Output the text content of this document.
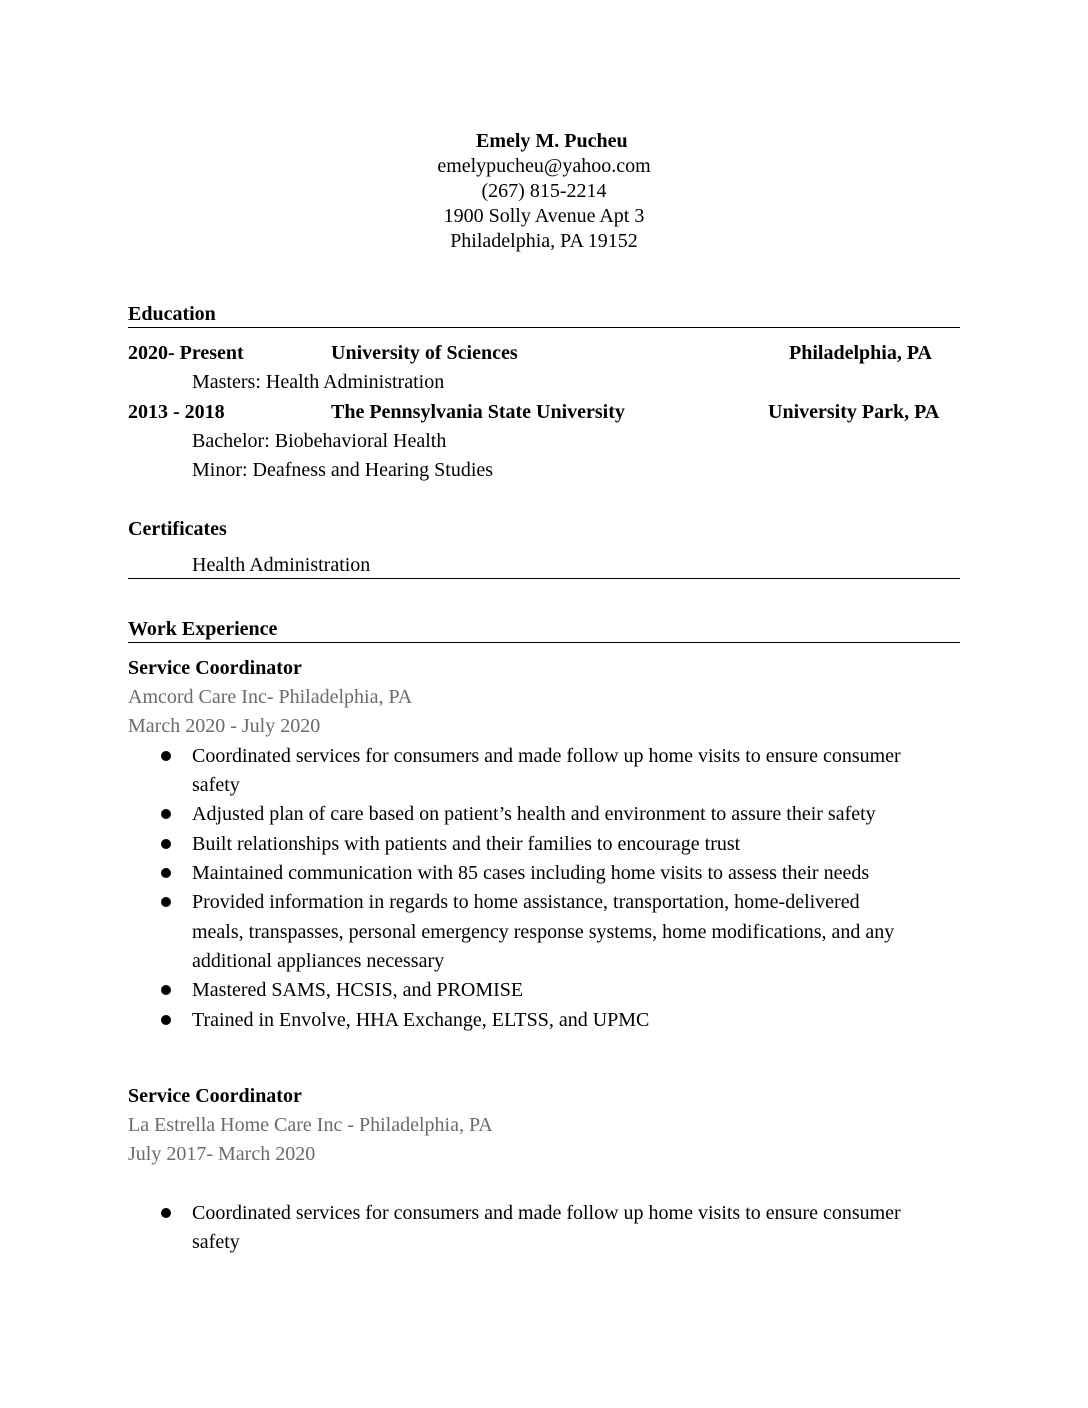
Emely M. Pucheu
emelypucheu@yahoo.com
(267) 815-2214
1900 Solly Avenue Apt 3
Philadelphia, PA 19152
Education
2020- Present	University of Sciences	Philadelphia, PA
Masters: Health Administration
2013 - 2018	The Pennsylvania State University	University Park, PA
Bachelor: Biobehavioral Health
Minor: Deafness and Hearing Studies
Certificates
Health Administration
Work Experience
Service Coordinator
Amcord Care Inc- Philadelphia, PA
March 2020 - July 2020
Coordinated services for consumers and made follow up home visits to ensure consumer
safety
Adjusted plan of care based on patient’s health and environment to assure their safety
Built relationships with patients and their families to encourage trust
Maintained communication with 85 cases including home visits to assess their needs
Provided information in regards to home assistance, transportation, home-delivered
meals, transpasses, personal emergency response systems, home modifications, and any
additional appliances necessary
Mastered SAMS, HCSIS, and PROMISE
Trained in Envolve, HHA Exchange, ELTSS, and UPMC
Service Coordinator
La Estrella Home Care Inc - Philadelphia, PA
July 2017- March 2020
Coordinated services for consumers and made follow up home visits to ensure consumer
safety
